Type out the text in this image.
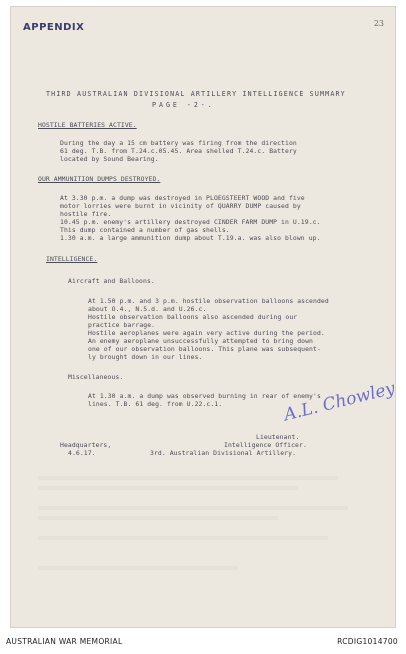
APPENDIX	23
THIRD AUSTRALIAN DIVISIONAL ARTILLERY INTELLIGENCE SUMMARY
PAGE -2-.
HOSTILE BATTERIES ACTIVE.
During the day a 15 cm battery was firing from the direction
61 deg. T.B. from T.24.c.05.45. Area shelled T.24.c. Battery
located by Sound Bearing.
OUR AMMUNITION DUMPS DESTROYED.
At 3.30 p.m. a dump was destroyed in PLOEGSTEERT WOOD and five
motor lorries were burnt in vicinity of QUARRY DUMP caused by
hostile fire.
10.45 p.m. enemy's artillery destroyed CINDER FARM DUMP in U.19.c.
This dump contained a number of gas shells.
1.30 a.m. a large ammunition dump about T.19.a. was also blown up.
INTELLIGENCE.
Aircraft and Balloons.
At 1.50 p.m. and 3 p.m. hostile observation balloons ascended
about O.4., N.5.d. and U.26.c.
Hostile observation balloons also ascended during our
practice barrage.
Hostile aeroplanes were again very active during the period.
An enemy aeroplane unsuccessfully attempted to bring down
one of our observation balloons. This plane was subsequent-
ly brought down in our lines.
Miscellaneous.
At 1.30 a.m. a dump was observed burning in rear of enemy's
lines. T.B. 61 deg. from U.22.c.1.	A.L. Chowley
Lieutenant.
Intelligence Officer.
3rd. Australian Divisional Artillery.
Headquarters,
4.6.17.
AUSTRALIAN WAR MEMORIAL	RCDIG1014700
